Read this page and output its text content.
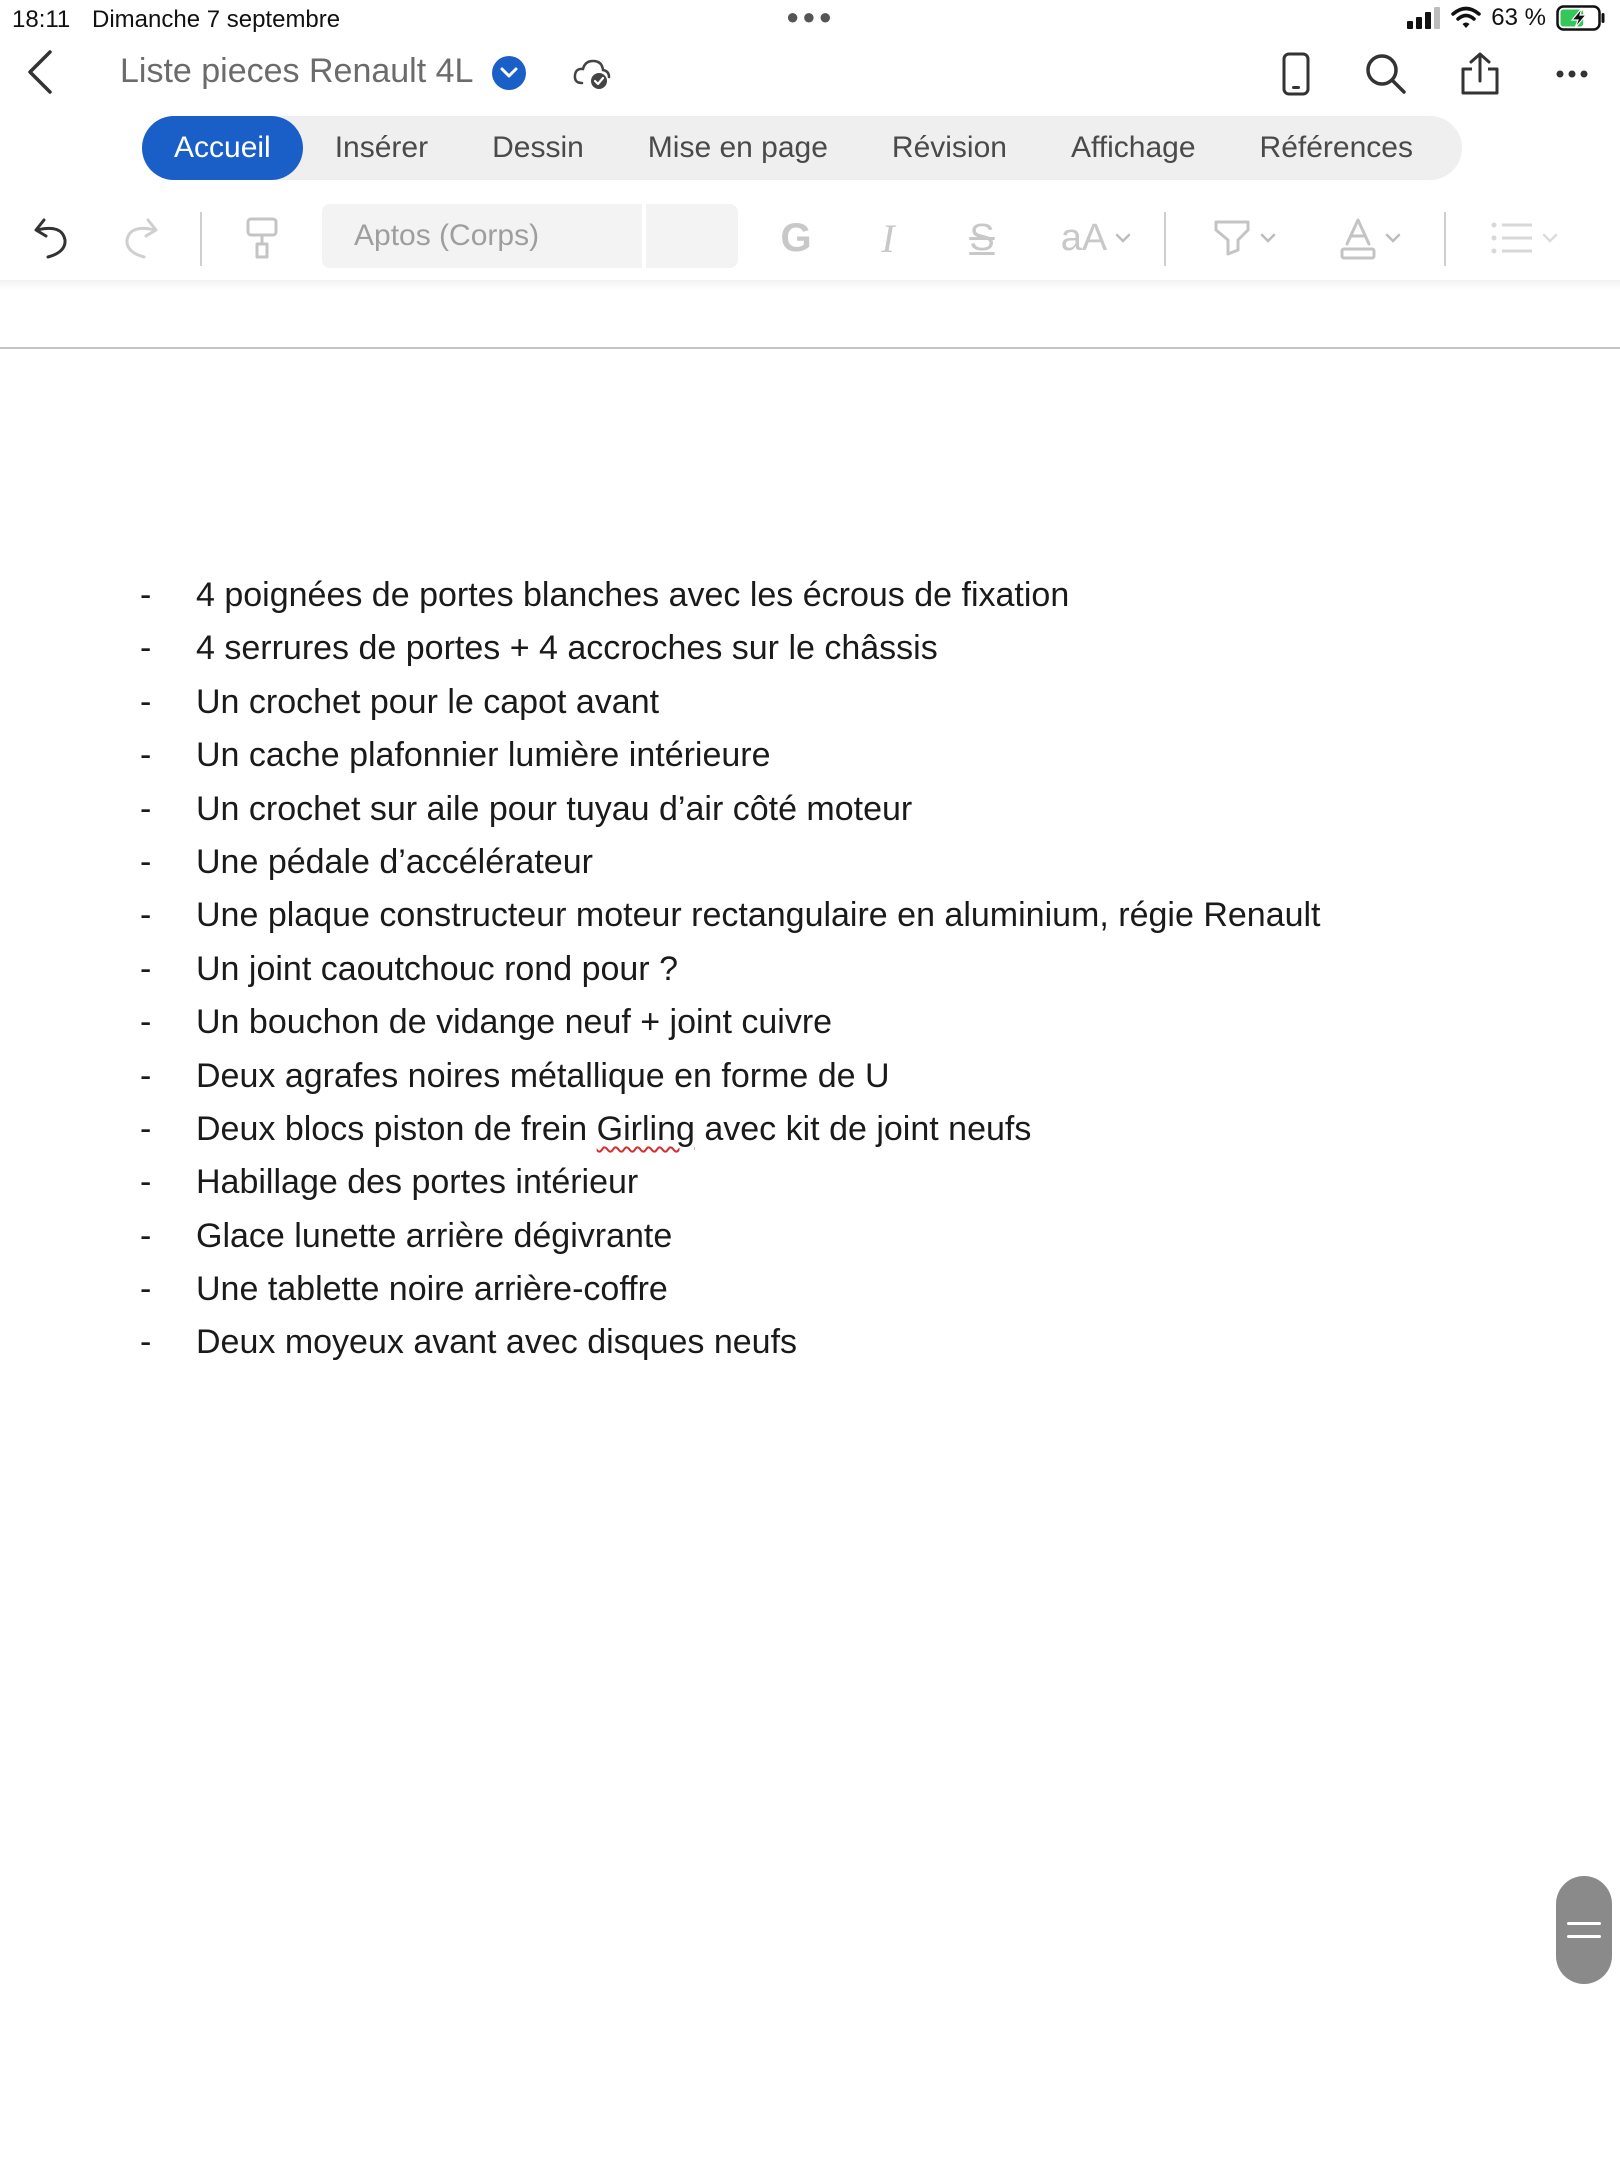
18:11 Dimanche 7 septembre	●●●	63 %
Liste pieces Renault 4L
Accueil	Insérer	Dessin	Mise en page	Révision	Affichage	Références
Aptos (Corps)	G	I	S aA
-	4 poignées de portes blanches avec les écrous de fixation
-	4 serrures de portes + 4 accroches sur le châssis
-	Un crochet pour le capot avant
-	Un cache plafonnier lumière intérieure
-	Un crochet sur aile pour tuyau d’air côté moteur
-	Une pédale d’accélérateur
-	Une plaque constructeur moteur rectangulaire en aluminium, régie Renault
-	Un joint caoutchouc rond pour ?
-	Un bouchon de vidange neuf + joint cuivre
-	Deux agrafes noires métallique en forme de U
-	Deux blocs piston de frein Girling avec kit de joint neufs
-	Habillage des portes intérieur
-	Glace lunette arrière dégivrante
-	Une tablette noire arrière-coffre
-	Deux moyeux avant avec disques neufs
